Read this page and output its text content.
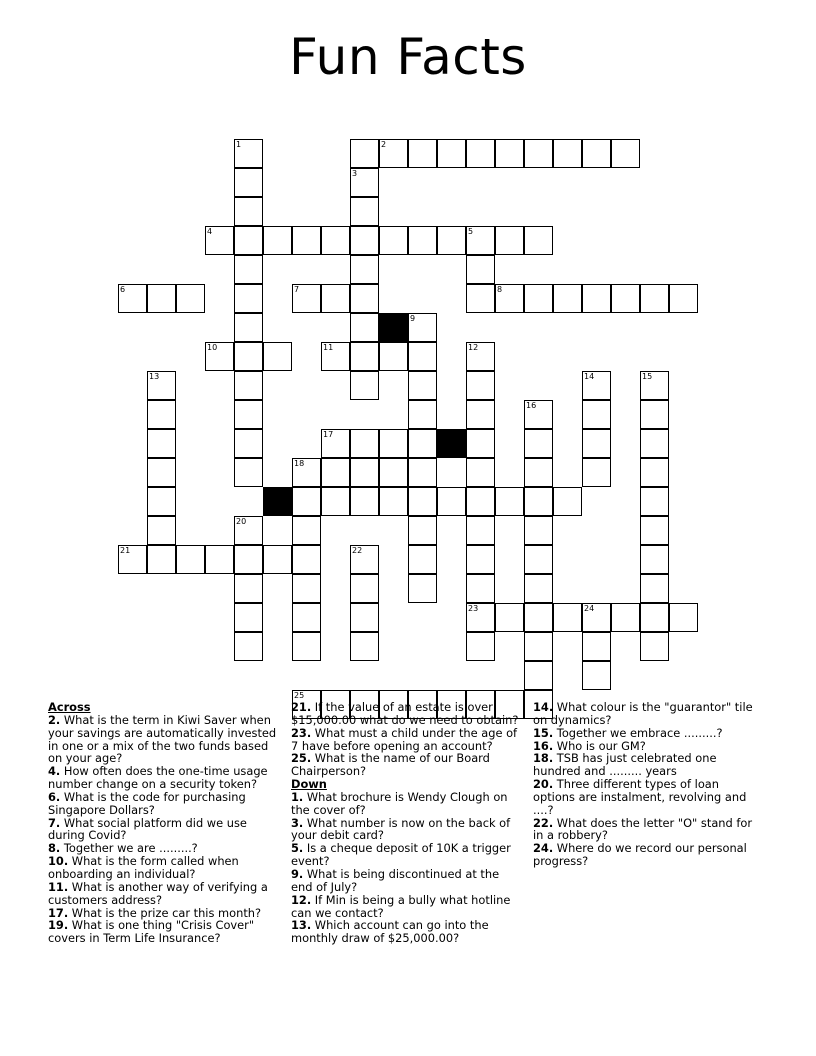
Fun Facts
1	2
3
4	5
6	7	8
9
10	11	12
13	14	15
16
17
18
19
20
21	22
23	24
25

Across

2. What is the term in Kiwi Saver when your savings are automatically invested in one or a mix of the two funds based on your age?

4. How often does the one-time usage number change on a security token?

6. What is the code for purchasing Singapore Dollars?

7. What social platform did we use during Covid?

8. Together we are .........?

10. What is the form called when onboarding an individual?

11. What is another way of verifying a customers address?

17. What is the prize car this month?

19. What is one thing "Crisis Cover" covers in Term Life Insurance?

21. If the value of an estate is over $15,000.00 what do we need to obtain?

23. What must a child under the age of 7 have before opening an account?

25. What is the name of our Board Chairperson?

Down

1. What brochure is Wendy Clough on the cover of?

3. What number is now on the back of your debit card?

5. Is a cheque deposit of 10K a trigger event?

9. What is being discontinued at the end of July?

12. If Min is being a bully what hotline can we contact?

13. Which account can go into the monthly draw of $25,000.00?

14. What colour is the "guarantor" tile on dynamics?

15. Together we embrace .........?

16. Who is our GM?

18. TSB has just celebrated one hundred and ......... years

20. Three different types of loan options are instalment, revolving and ....?

22. What does the letter "O" stand for in a robbery?

24. Where do we record our personal progress?
